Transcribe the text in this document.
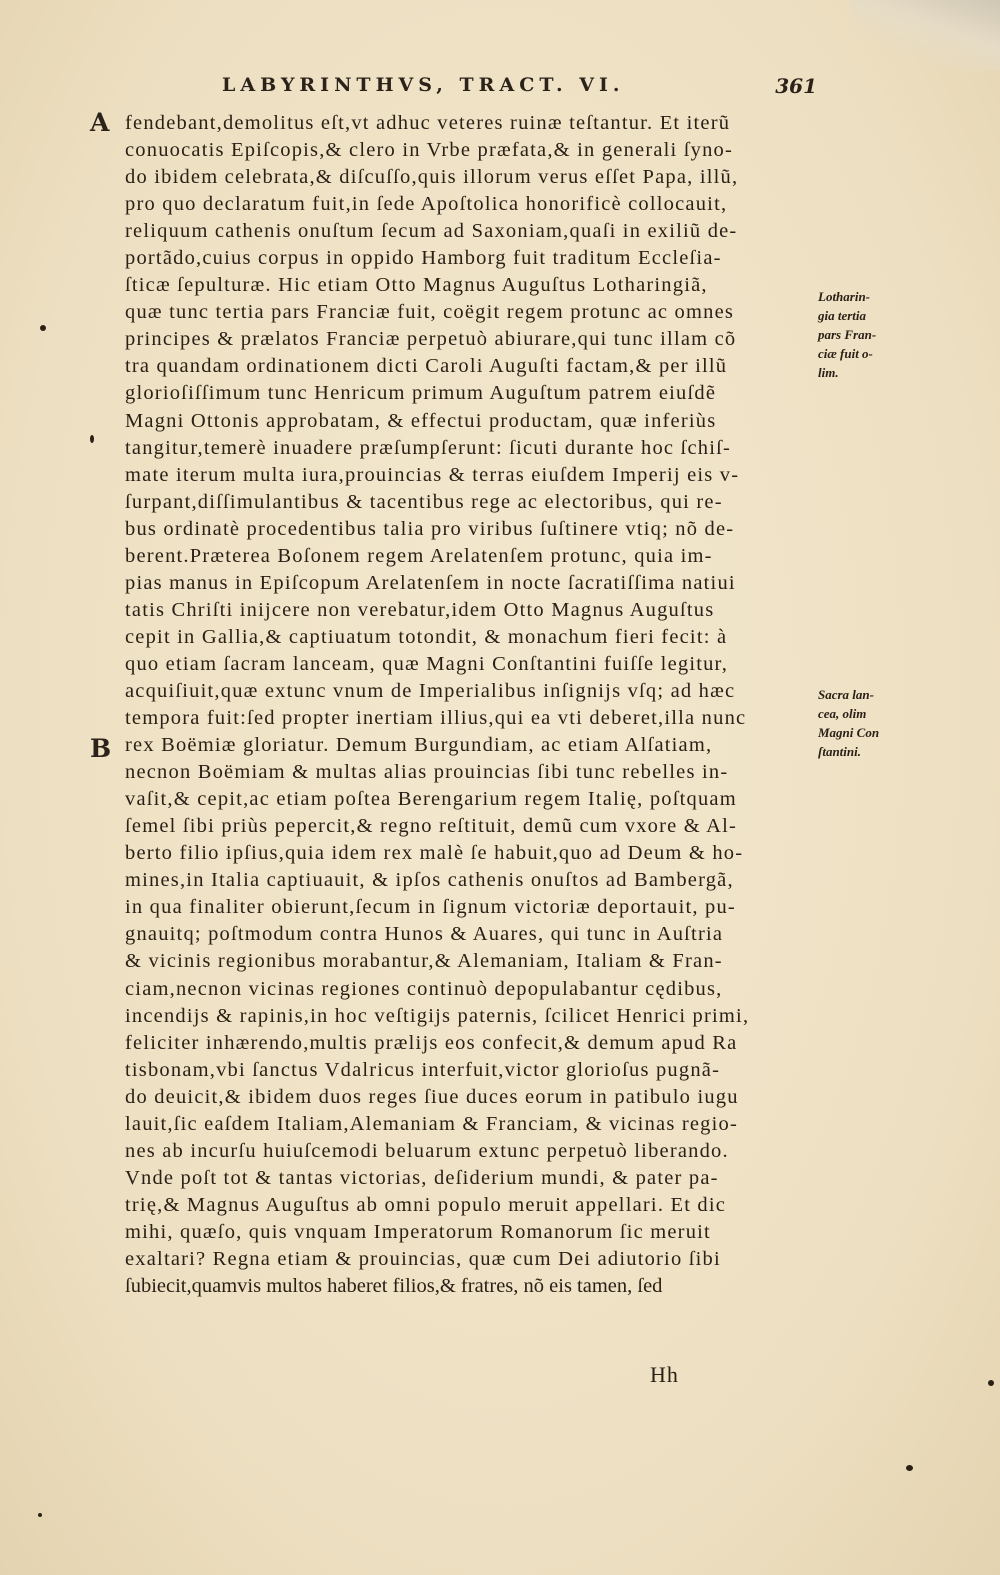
LABYRINTHVS, TRACT. VI.	361
A
B
fendebant,demolitus eſt,vt adhuc veteres ruinæ teſtantur. Et iterũ
conuocatis Epiſcopis,& clero in Vrbe præfata,& in generali ſyno-
do ibidem celebrata,& diſcuſſo,quis illorum verus eſſet Papa, illũ,
pro quo declaratum fuit,in ſede Apoſtolica honorificè collocauit,
reliquum cathenis onuſtum ſecum ad Saxoniam,quaſi in exiliũ de-
portãdo,cuius corpus in oppido Hamborg fuit traditum Eccleſia-
ſticæ ſepulturæ. Hic etiam Otto Magnus Auguſtus Lotharingiã,
quæ tunc tertia pars Franciæ fuit, coëgit regem protunc ac omnes
principes & prælatos Franciæ perpetuò abiurare,qui tunc illam cõ
tra quandam ordinationem dicti Caroli Auguſti factam,& per illũ
glorioſiſſimum tunc Henricum primum Auguſtum patrem eiuſdẽ
Magni Ottonis approbatam, & effectui productam, quæ inferiùs
tangitur,temerè inuadere præſumpſerunt: ſicuti durante hoc ſchiſ-
mate iterum multa iura,prouincias & terras eiuſdem Imperij eis v-
ſurpant,diſſimulantibus & tacentibus rege ac electoribus, qui re-
bus ordinatè procedentibus talia pro viribus ſuſtinere vtiq; nõ de-
berent.Præterea Boſonem regem Arelatenſem protunc, quia im-
pias manus in Epiſcopum Arelatenſem in nocte ſacratiſſima natiui
tatis Chriſti inijcere non verebatur,idem Otto Magnus Auguſtus
cepit in Gallia,& captiuatum totondit, & monachum fieri fecit: à
quo etiam ſacram lanceam, quæ Magni Conſtantini fuiſſe legitur,
acquiſiuit,quæ extunc vnum de Imperialibus inſignijs vſq; ad hæc
tempora fuit:ſed propter inertiam illius,qui ea vti deberet,illa nunc
rex Boëmiæ gloriatur. Demum Burgundiam, ac etiam Alſatiam,
necnon Boëmiam & multas alias prouincias ſibi tunc rebelles in-
vaſit,& cepit,ac etiam poſtea Berengarium regem Italię, poſtquam
ſemel ſibi priùs pepercit,& regno reſtituit, demũ cum vxore & Al-
berto filio ipſius,quia idem rex malè ſe habuit,quo ad Deum & ho-
mines,in Italia captiuauit, & ipſos cathenis onuſtos ad Bambergã,
in qua finaliter obierunt,ſecum in ſignum victoriæ deportauit, pu-
gnauitq; poſtmodum contra Hunos & Auares, qui tunc in Auſtria
& vicinis regionibus morabantur,& Alemaniam, Italiam & Fran-
ciam,necnon vicinas regiones continuò depopulabantur cędibus,
incendijs & rapinis,in hoc veſtigijs paternis, ſcilicet Henrici primi,
feliciter inhærendo,multis prælijs eos confecit,& demum apud Ra
tisbonam,vbi ſanctus Vdalricus interfuit,victor glorioſus pugnã-
do deuicit,& ibidem duos reges ſiue duces eorum in patibulo iugu
lauit,ſic eaſdem Italiam,Alemaniam & Franciam, & vicinas regio-
nes ab incurſu huiuſcemodi beluarum extunc perpetuò liberando.
Vnde poſt tot & tantas victorias, deſiderium mundi, & pater pa-
trię,& Magnus Auguſtus ab omni populo meruit appellari. Et dic
mihi, quæſo, quis vnquam Imperatorum Romanorum ſic meruit
exaltari? Regna etiam & prouincias, quæ cum Dei adiutorio ſibi
ſubiecit,quamvis multos haberet filios,& fratres, nõ eis tamen, ſed
Lotharin-
gia tertia
pars Fran-
ciæ fuit o-
lim.
Sacra lan-
cea, olim
Magni Con
ſtantini.
Hh
